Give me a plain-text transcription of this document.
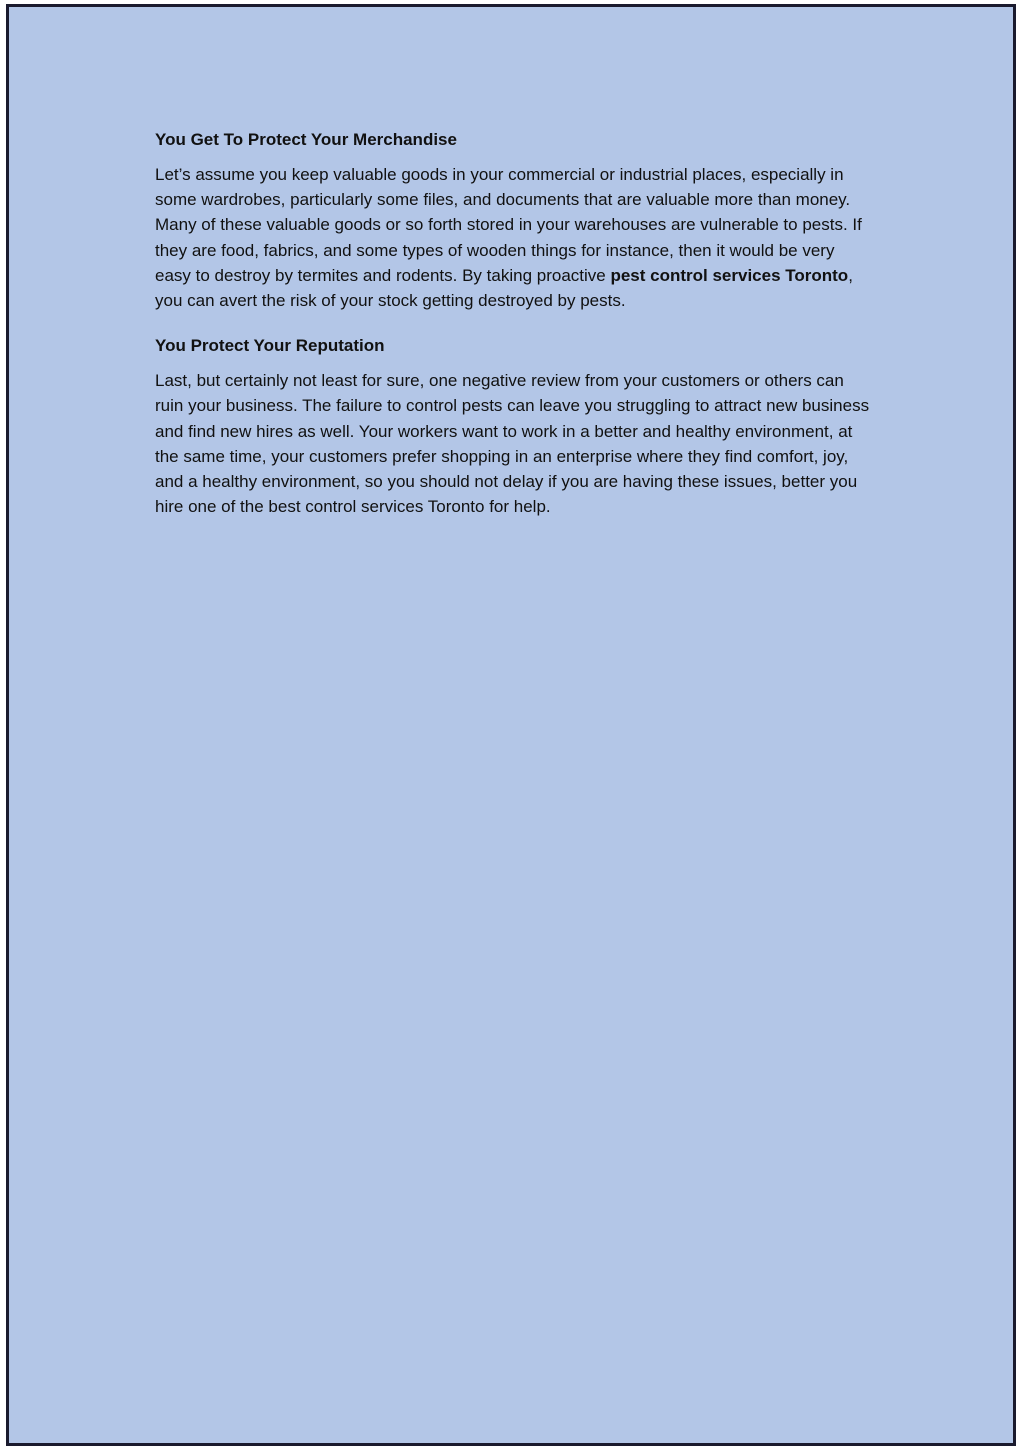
You Get To Protect Your Merchandise

Let’s assume you keep valuable goods in your commercial or industrial places, especially in some wardrobes, particularly some files, and documents that are valuable more than money. Many of these valuable goods or so forth stored in your warehouses are vulnerable to pests. If they are food, fabrics, and some types of wooden things for instance, then it would be very easy to destroy by termites and rodents. By taking proactive pest control services Toronto, you can avert the risk of your stock getting destroyed by pests.

You Protect Your Reputation

Last, but certainly not least for sure, one negative review from your customers or others can ruin your business. The failure to control pests can leave you struggling to attract new business and find new hires as well. Your workers want to work in a better and healthy environment, at the same time, your customers prefer shopping in an enterprise where they find comfort, joy, and a healthy environment, so you should not delay if you are having these issues, better you hire one of the best control services Toronto for help.
